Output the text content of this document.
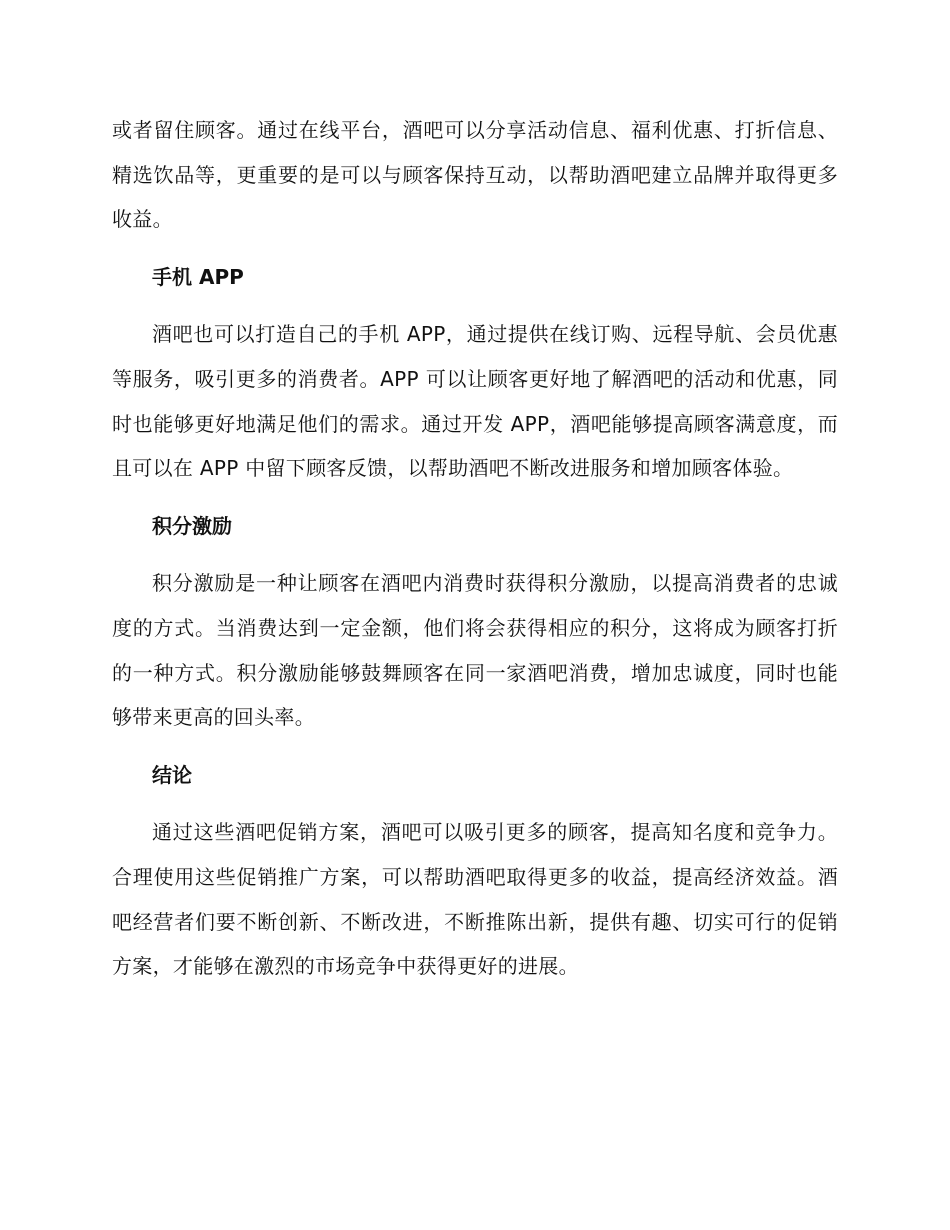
或者留住顾客。通过在线平台，酒吧可以分享活动信息、福利优惠、打折信息、精选饮品等，更重要的是可以与顾客保持互动，以帮助酒吧建立品牌并取得更多收益。

手机 APP

酒吧也可以打造自己的手机 APP，通过提供在线订购、远程导航、会员优惠等服务，吸引更多的消费者。APP 可以让顾客更好地了解酒吧的活动和优惠，同时也能够更好地满足他们的需求。通过开发 APP，酒吧能够提高顾客满意度，而且可以在 APP 中留下顾客反馈，以帮助酒吧不断改进服务和增加顾客体验。

积分激励

积分激励是一种让顾客在酒吧内消费时获得积分激励，以提高消费者的忠诚度的方式。当消费达到一定金额，他们将会获得相应的积分，这将成为顾客打折的一种方式。积分激励能够鼓舞顾客在同一家酒吧消费，增加忠诚度，同时也能够带来更高的回头率。

结论

通过这些酒吧促销方案，酒吧可以吸引更多的顾客，提高知名度和竞争力。合理使用这些促销推广方案，可以帮助酒吧取得更多的收益，提高经济效益。酒吧经营者们要不断创新、不断改进，不断推陈出新，提供有趣、切实可行的促销方案，才能够在激烈的市场竞争中获得更好的进展。
